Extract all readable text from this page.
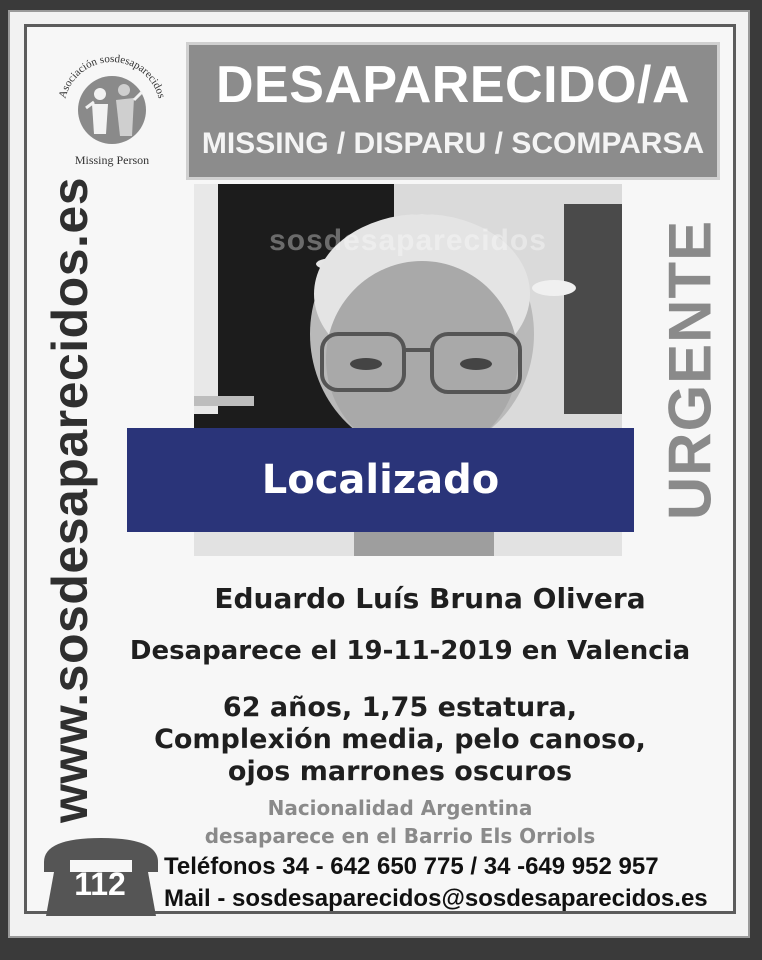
Asociación sosdesaparecidos
Missing Person
DESAPARECIDO/A
MISSING / DISPARU / SCOMPARSA
www.sosdesaparecidos.es	URGENTE
sosdesaparecidos
Localizado
Eduardo Luís Bruna Olivera
Desaparece el 19-11-2019 en Valencia
62 años, 1,75 estatura,
Complexión media, pelo canoso,
ojos marrones oscuros
Nacionalidad Argentina
desaparece en el Barrio Els Orriols
112	Teléfonos 34 - 642 650 775 / 34 -649 952 957
Mail - sosdesaparecidos@sosdesaparecidos.es
